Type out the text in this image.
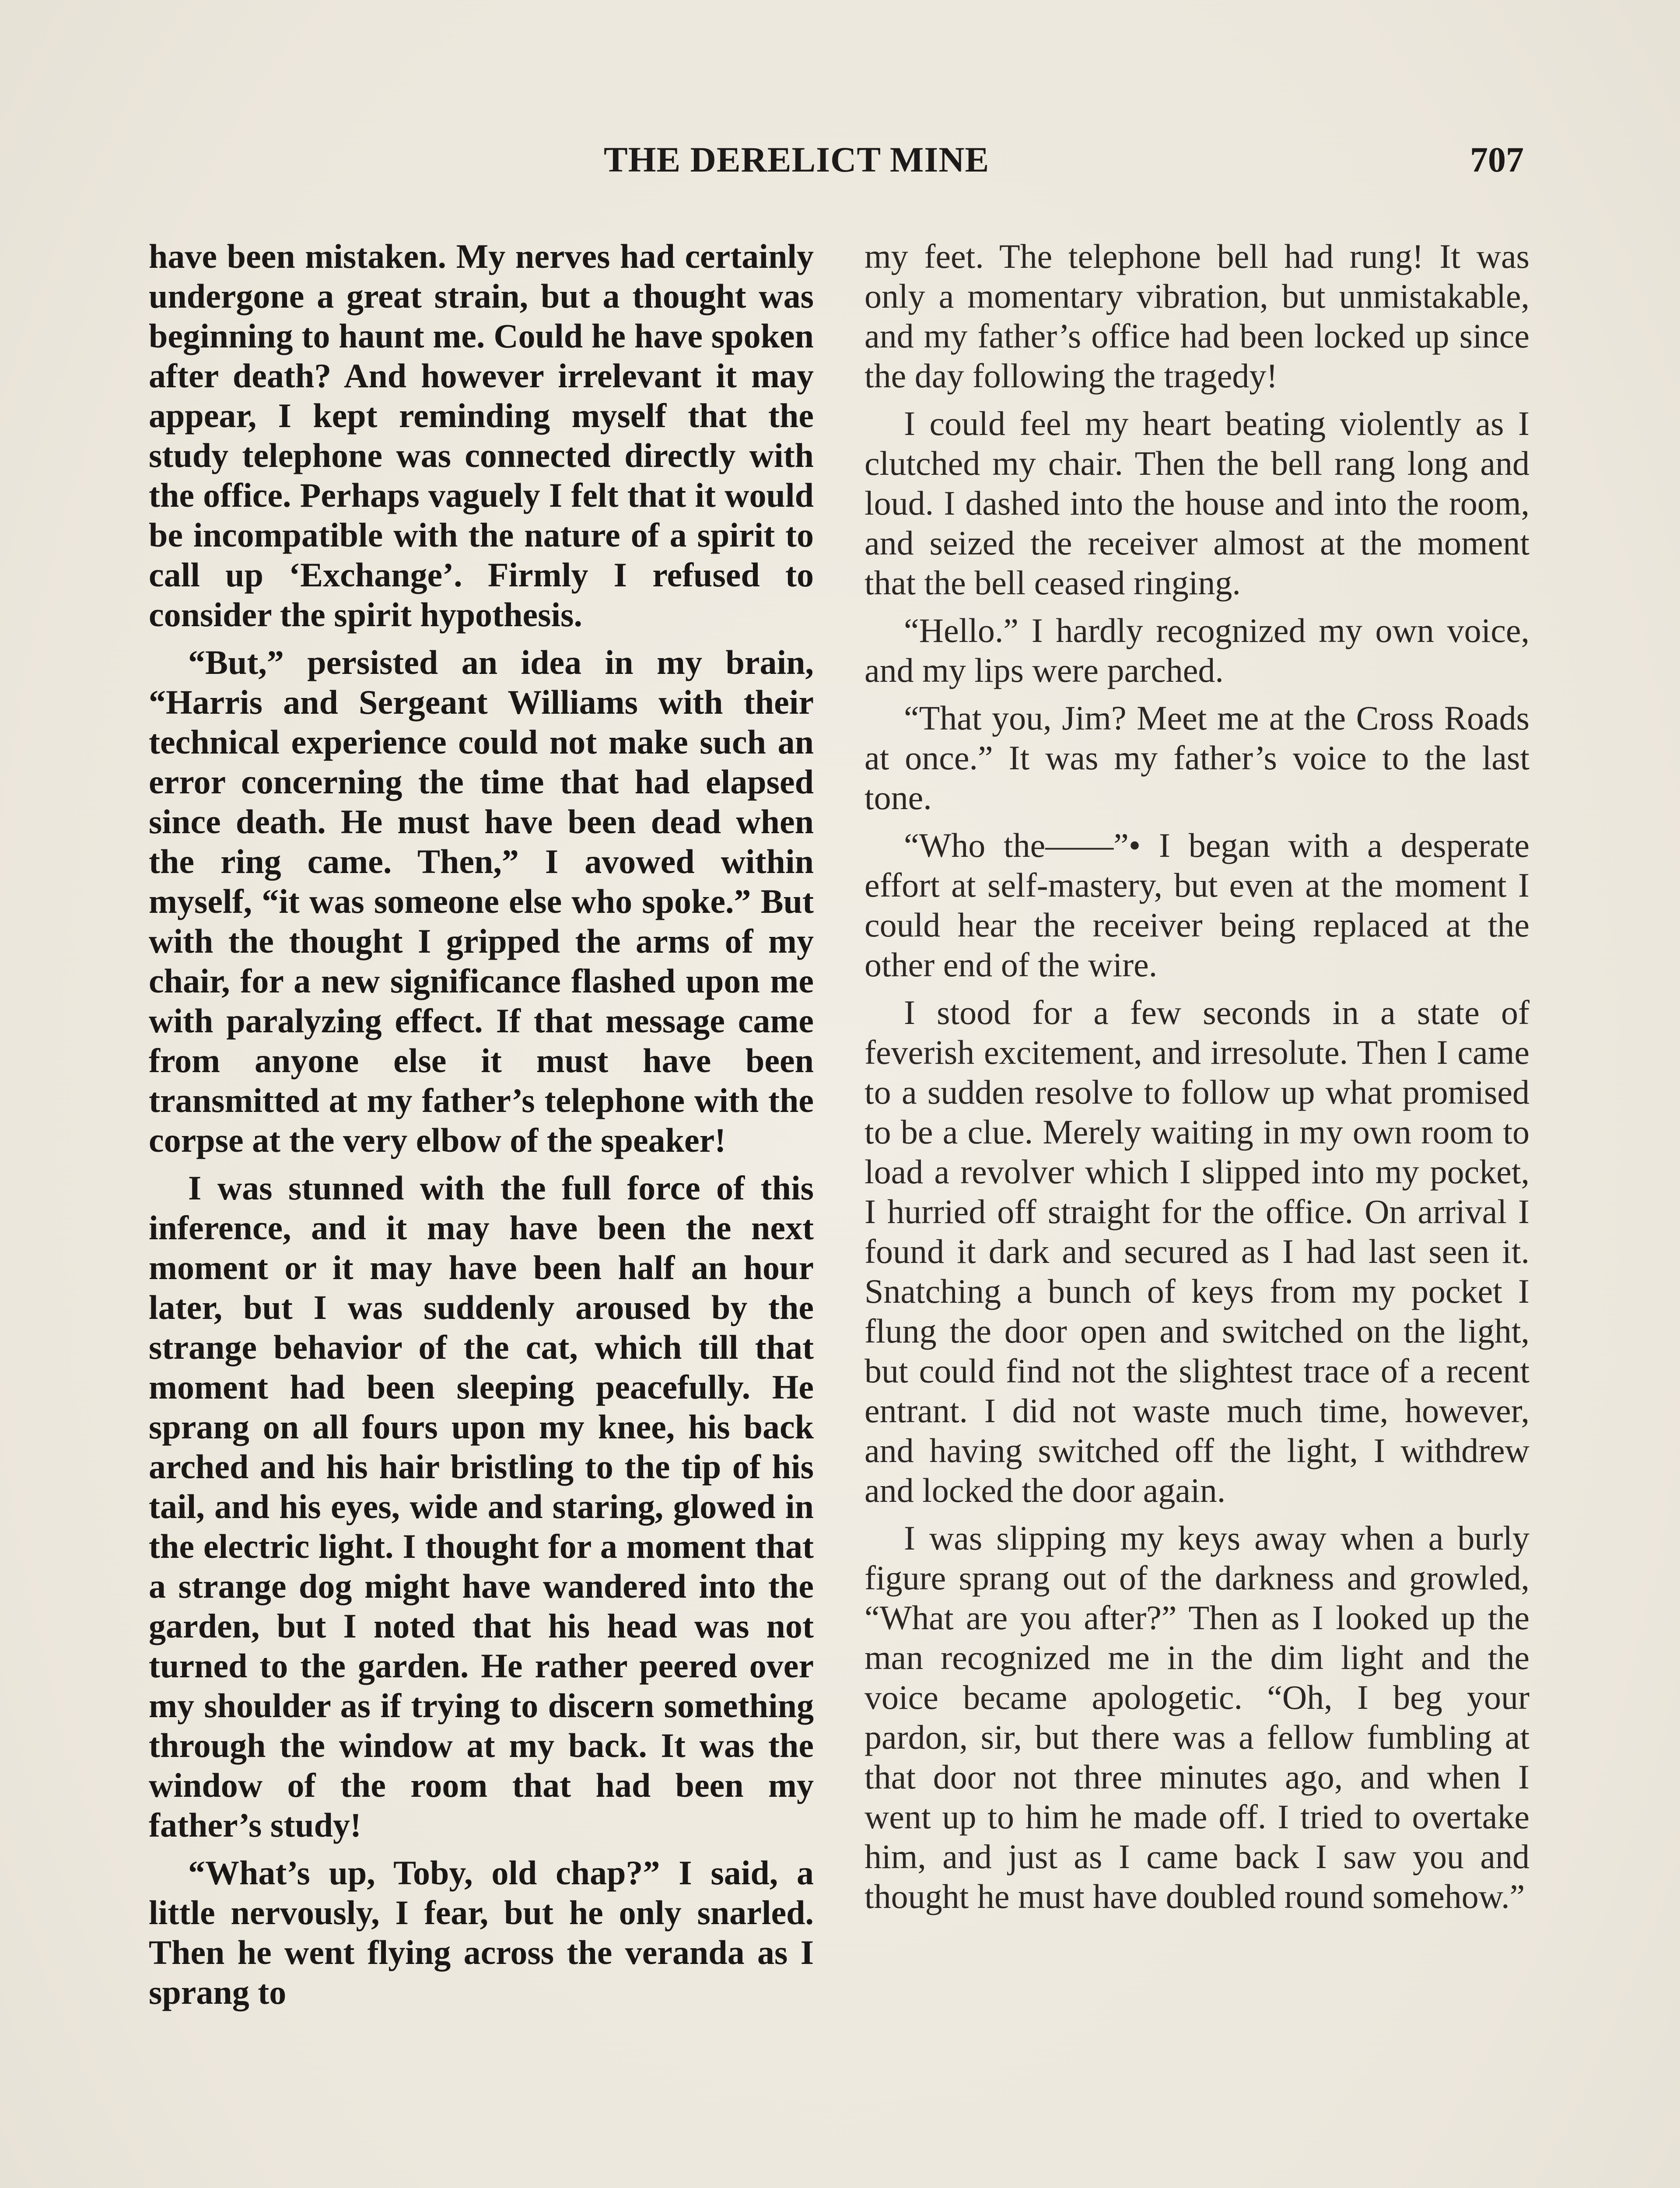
THE DERELICT MINE	707

have been mistaken. My nerves had certainly undergone a great strain, but a thought was beginning to haunt me. Could he have spoken after death? And however irrelevant it may appear, I kept reminding myself that the study telephone was connected directly with the office. Perhaps vaguely I felt that it would be incompatible with the nature of a spirit to call up ‘Exchange’. Firmly I refused to consider the spirit hypothesis.

“But,” persisted an idea in my brain, “Harris and Sergeant Williams with their technical experience could not make such an error concerning the time that had elapsed since death. He must have been dead when the ring came. Then,” I avowed within myself, “it was someone else who spoke.” But with the thought I gripped the arms of my chair, for a new significance flashed upon me with paralyzing effect. If that message came from anyone else it must have been transmitted at my father’s telephone with the corpse at the very elbow of the speaker!

I was stunned with the full force of this inference, and it may have been the next moment or it may have been half an hour later, but I was suddenly aroused by the strange behavior of the cat, which till that moment had been sleeping peacefully. He sprang on all fours upon my knee, his back arched and his hair bristling to the tip of his tail, and his eyes, wide and staring, glowed in the electric light. I thought for a moment that a strange dog might have wandered into the garden, but I noted that his head was not turned to the garden. He rather peered over my shoulder as if trying to discern something through the window at my back. It was the window of the room that had been my father’s study!

“What’s up, Toby, old chap?” I said, a little nervously, I fear, but he only snarled. Then he went flying across the veranda as I sprang to

my feet. The telephone bell had rung! It was only a momentary vibration, but unmistakable, and my father’s office had been locked up since the day following the tragedy!

I could feel my heart beating violently as I clutched my chair. Then the bell rang long and loud. I dashed into the house and into the room, and seized the receiver almost at the moment that the bell ceased ringing.

“Hello.” I hardly recognized my own voice, and my lips were parched.

“That you, Jim? Meet me at the Cross Roads at once.” It was my father’s voice to the last tone.

“Who the——”• I began with a desperate effort at self-mastery, but even at the moment I could hear the receiver being replaced at the other end of the wire.

I stood for a few seconds in a state of feverish excitement, and irresolute. Then I came to a sudden resolve to follow up what promised to be a clue. Merely waiting in my own room to load a revolver which I slipped into my pocket, I hurried off straight for the office. On arrival I found it dark and secured as I had last seen it. Snatching a bunch of keys from my pocket I flung the door open and switched on the light, but could find not the slightest trace of a recent entrant. I did not waste much time, however, and having switched off the light, I withdrew and locked the door again.

I was slipping my keys away when a burly figure sprang out of the darkness and growled, “What are you after?” Then as I looked up the man recognized me in the dim light and the voice became apologetic. “Oh, I beg your pardon, sir, but there was a fellow fumbling at that door not three minutes ago, and when I went up to him he made off. I tried to overtake him, and just as I came back I saw you and thought he must have doubled round somehow.”
